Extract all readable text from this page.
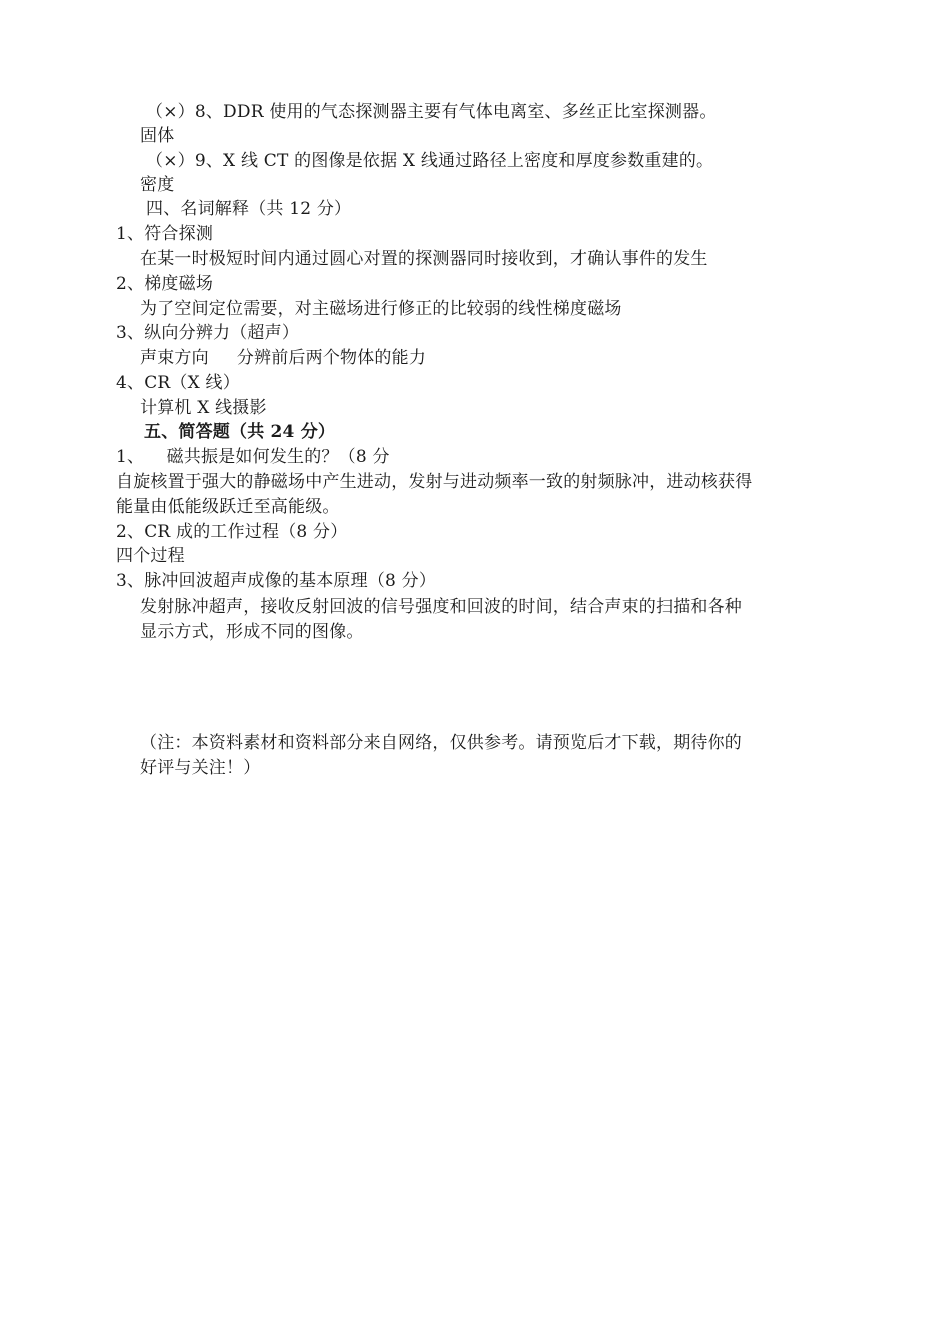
（×）8、DDR 使用的气态探测器主要有气体电离室、多丝正比室探测器。
固体
（×）9、X 线 CT 的图像是依据 X 线通过路径上密度和厚度参数重建的。
密度
四、名词解释（共 12 分）
1、符合探测
在某一时极短时间内通过圆心对置的探测器同时接收到，才确认事件的发生
2、梯度磁场
为了空间定位需要，对主磁场进行修正的比较弱的线性梯度磁场
3、纵向分辨力（超声）
声束方向     分辨前后两个物体的能力
4、CR（X 线）
计算机 X 线摄影
五、简答题（共 24 分）
1、    磁共振是如何发生的？（8 分
自旋核置于强大的静磁场中产生进动，发射与进动频率一致的射频脉冲，进动核获得
能量由低能级跃迁至高能级。
2、CR 成的工作过程（8 分）
四个过程
3、脉冲回波超声成像的基本原理（8 分）
发射脉冲超声，接收反射回波的信号强度和回波的时间，结合声束的扫描和各种
显示方式，形成不同的图像。
（注：本资料素材和资料部分来自网络，仅供参考。请预览后才下载，期待你的
好评与关注！）
